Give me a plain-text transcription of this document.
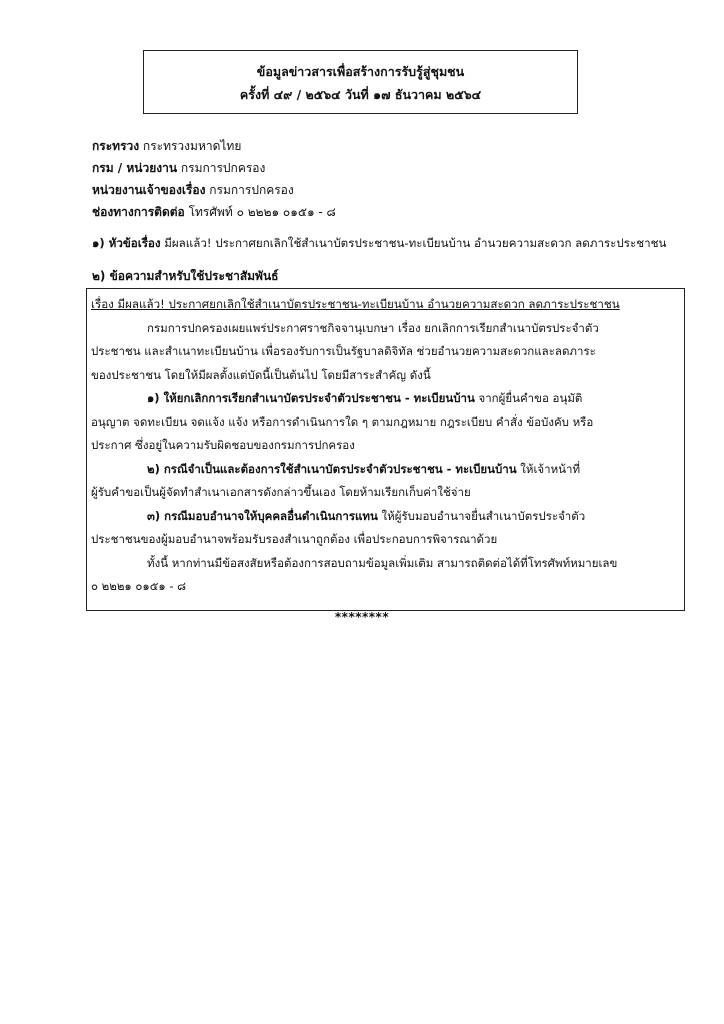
ข้อมูลข่าวสารเพื่อสร้างการรับรู้สู่ชุมชน
ครั้งที่ ๔๙ / ๒๕๖๔ วันที่ ๑๗ ธันวาคม ๒๕๖๔
กระทรวง กระทรวงมหาดไทย
กรม / หน่วยงาน กรมการปกครอง
หน่วยงานเจ้าของเรื่อง กรมการปกครอง
ช่องทางการติดต่อ โทรศัพท์ ๐ ๒๒๒๑ ๐๑๕๑ - ๘
๑) หัวข้อเรื่อง มีผลแล้ว! ประกาศยกเลิกใช้สำเนาบัตรประชาชน-ทะเบียนบ้าน อำนวยความสะดวก ลดภาระประชาชน
๒) ข้อความสำหรับใช้ประชาสัมพันธ์
เรื่อง มีผลแล้ว! ประกาศยกเลิกใช้สำเนาบัตรประชาชน-ทะเบียนบ้าน อำนวยความสะดวก ลดภาระประชาชน
กรมการปกครองเผยแพร่ประกาศราชกิจจานุเบกษา เรื่อง ยกเลิกการเรียกสำเนาบัตรประจำตัว
ประชาชน และสำเนาทะเบียนบ้าน เพื่อรองรับการเป็นรัฐบาลดิจิทัล ช่วยอำนวยความสะดวกและลดภาระ
ของประชาชน โดยให้มีผลตั้งแต่บัดนี้เป็นต้นไป โดยมีสาระสำคัญ ดังนี้
๑) ให้ยกเลิกการเรียกสำเนาบัตรประจำตัวประชาชน - ทะเบียนบ้าน จากผู้ยื่นคำขอ อนุมัติ
อนุญาต จดทะเบียน จดแจ้ง แจ้ง หรือการดำเนินการใด ๆ ตามกฎหมาย กฎระเบียบ คำสั่ง ข้อบังคับ หรือ
ประกาศ ซึ่งอยู่ในความรับผิดชอบของกรมการปกครอง
๒) กรณีจำเป็นและต้องการใช้สำเนาบัตรประจำตัวประชาชน - ทะเบียนบ้าน ให้เจ้าหน้าที่
ผู้รับคำขอเป็นผู้จัดทำสำเนาเอกสารดังกล่าวขึ้นเอง โดยห้ามเรียกเก็บค่าใช้จ่าย
๓) กรณีมอบอำนาจให้บุคคลอื่นดำเนินการแทน ให้ผู้รับมอบอำนาจยื่นสำเนาบัตรประจำตัว
ประชาชนของผู้มอบอำนาจพร้อมรับรองสำเนาถูกต้อง เพื่อประกอบการพิจารณาด้วย
ทั้งนี้ หากท่านมีข้อสงสัยหรือต้องการสอบถามข้อมูลเพิ่มเติม สามารถติดต่อได้ที่โทรศัพท์หมายเลข
๐ ๒๒๒๑ ๐๑๕๑ - ๘
********
